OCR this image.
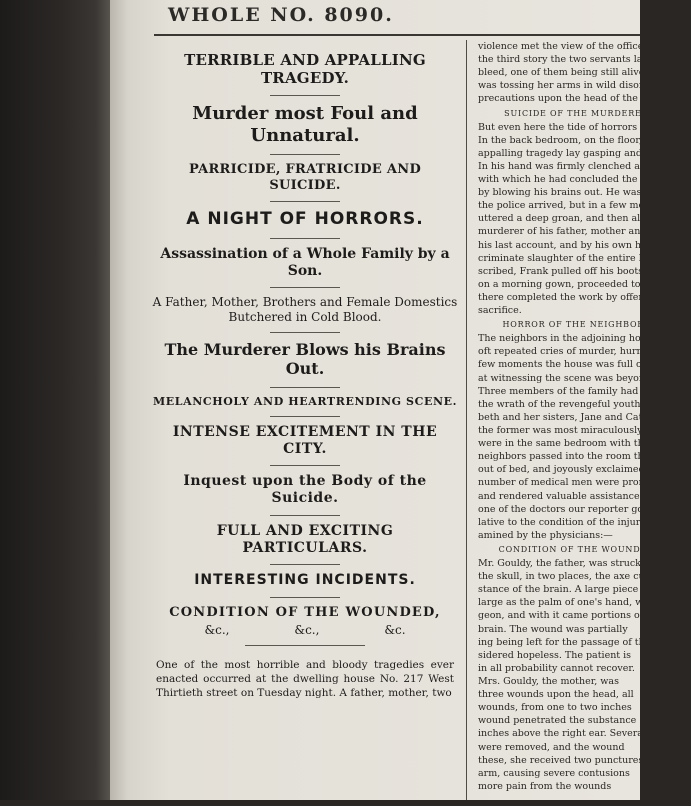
WHOLE NO. 8090.
TERRIBLE AND APPALLING TRAGEDY.
Murder most Foul and Unnatural.
PARRICIDE, FRATRICIDE AND SUICIDE.
A NIGHT OF HORRORS.
Assassination of a Whole Family by a Son.
A Father, Mother, Brothers and Female Domestics Butchered in Cold Blood.
The Murderer Blows his Brains Out.
MELANCHOLY AND HEARTRENDING SCENE.
INTENSE EXCITEMENT IN THE CITY.
Inquest upon the Body of the Suicide.
FULL AND EXCITING PARTICULARS.
INTERESTING INCIDENTS.
CONDITION OF THE WOUNDED,
&c.,	&c.,	&c.
One of the most horrible and bloody tragedies ever enacted occurred at the dwelling house No. 217 West Thirtieth street on Tuesday night. A father, mother, two

violence met the view of the officers. In

the third story the two servants lay

bleed, one of them being still alive, and

was tossing her arms in wild disorder, and

precautions upon the head of the murderer.

SUICIDE OF THE MURDERER.

But even here the tide of horrors did not

In the back bedroom, on the floor, lay the

appalling tragedy lay gasping and dying.

In his hand was firmly clenched a revolver

with which he had concluded the last act

by blowing his brains out. He was still

the police arrived, but in a few moments

uttered a deep groan, and then all was still.

murderer of his father, mother and brothers

his last account, and by his own hand,

criminate slaughter of the entire household

scribed, Frank pulled off his boots and

on a morning gown, proceeded to his awful

there completed the work by offering

sacrifice.

HORROR OF THE NEIGHBORS.

The neighbors in the adjoining houses

oft repeated cries of murder, hurried to

few moments the house was full of people

at witnessing the scene was beyond

Three members of the family had

the wrath of the revengeful youth,

beth and her sisters, Jane and Catherine,

the former was most miraculously

were in the same bedroom with their

neighbors passed into the room the

out of bed, and joyously exclaimed,

number of medical men were promptly

and rendered valuable assistance to

one of the doctors our reporter got

lative to the condition of the injured

amined by the physicians:—

CONDITION OF THE WOUNDED.

Mr. Gouldy, the father, was struck

the skull, in two places, the axe cutting

stance of the brain. A large piece

large as the palm of one's hand, was

geon, and with it came portions of the

brain. The wound was partially

ing being left for the passage of the

sidered hopeless. The patient is

in all probability cannot recover.

Mrs. Gouldy, the mother, was

three wounds upon the head, all

wounds, from one to two inches

wound penetrated the substance

inches above the right ear. Several

were removed, and the wound

these, she received two punctures

arm, causing severe contusions

more pain from the wounds
